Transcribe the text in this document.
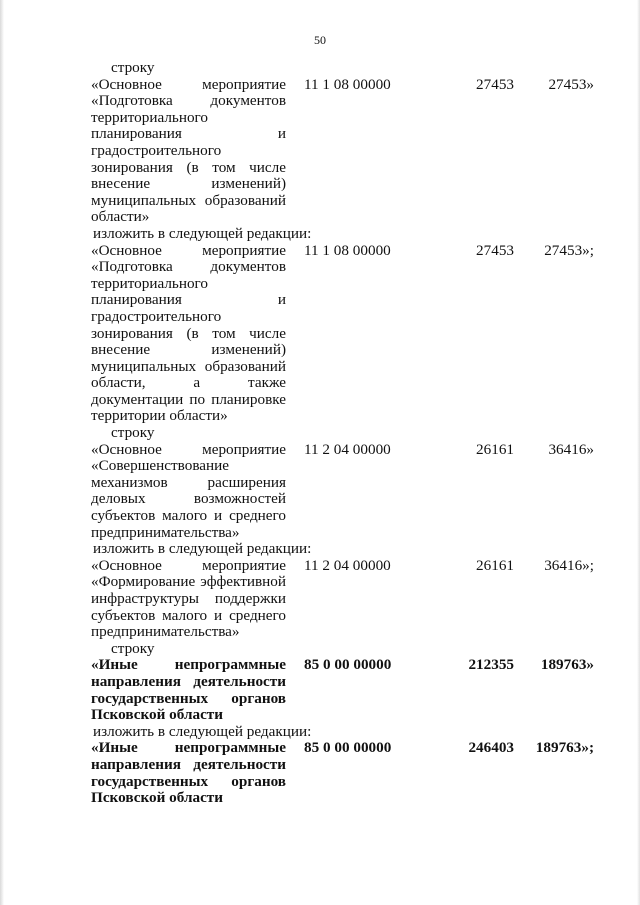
50
строку
«Основное мероприятие «Подготовка документов территориального планирования и градостроительного зонирования (в том числе внесение изменений) муниципальных образований области»
11 1 08 00000	27453	27453»
изложить в следующей редакции:
«Основное мероприятие «Подготовка документов территориального планирования и градостроительного зонирования (в том числе внесение изменений) муниципальных образований области, а также документации по планировке территории области»
11 1 08 00000	27453	27453»;
строку
«Основное мероприятие «Совершенствование механизмов расширения деловых возможностей субъектов малого и среднего предпринимательства»
11 2 04 00000	26161	36416»
изложить в следующей редакции:
«Основное мероприятие «Формирование эффективной инфраструктуры поддержки субъектов малого и среднего предпринимательства»
11 2 04 00000	26161	36416»;
строку
«Иные непрограммные направления деятельности государственных органов Псковской области
85 0 00 00000	212355	189763»
изложить в следующей редакции:
«Иные непрограммные направления деятельности государственных органов Псковской области
85 0 00 00000	246403	189763»;
